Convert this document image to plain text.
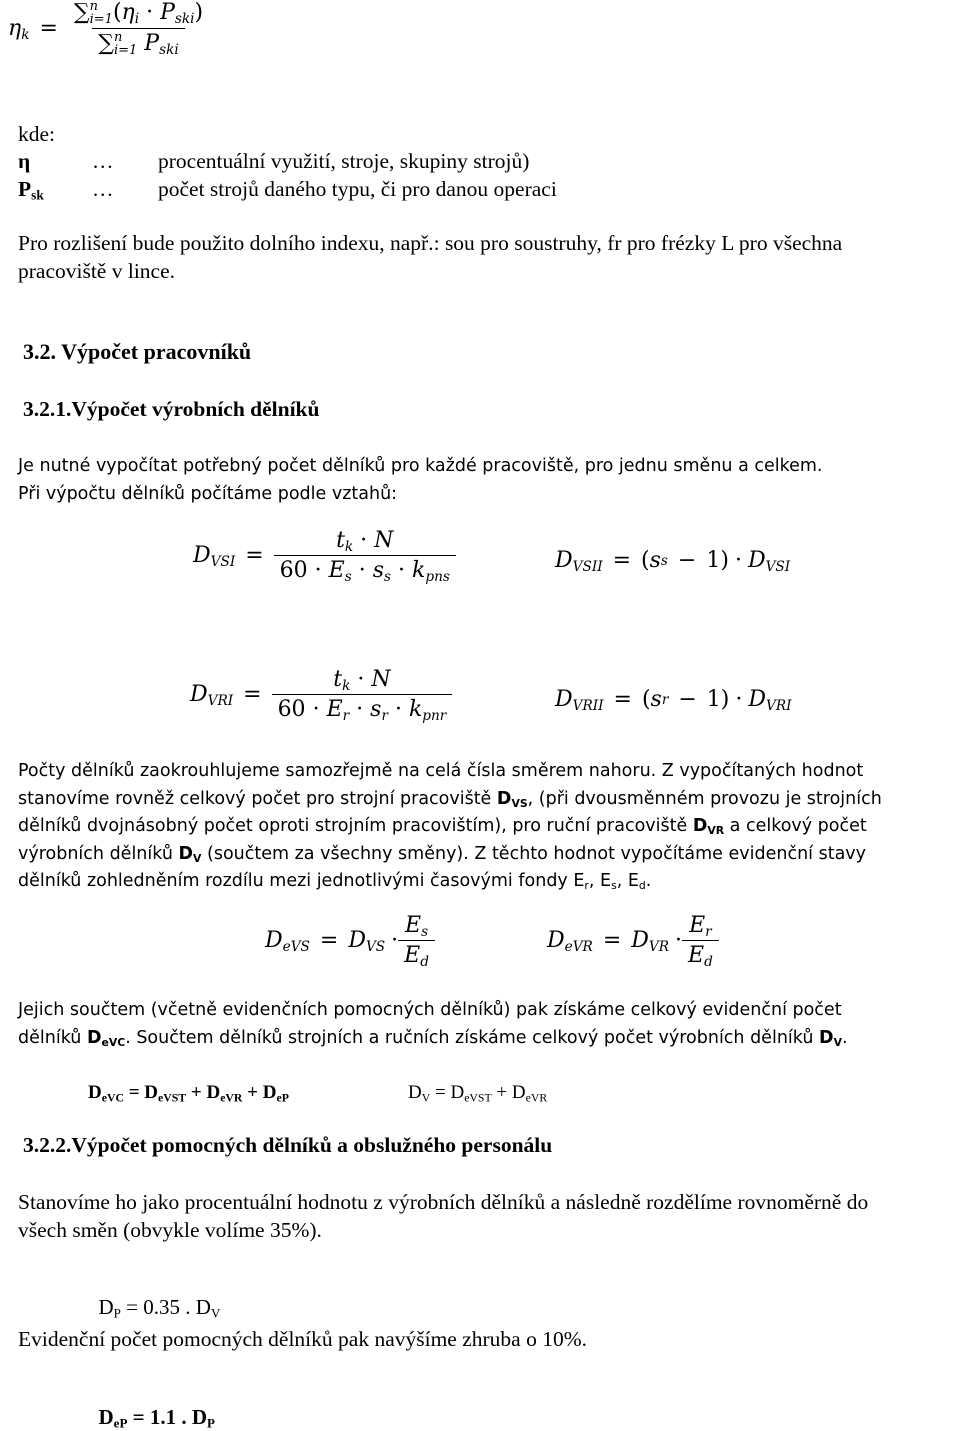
$\eta_k$ = ∑ n
i=1 $(\eta_i \cdot P_{ski})$
∑ n
i=1 $P_{ski}$
kde:
η	…	procentuální využití, stroje, skupiny strojů)
$P_{sk}$	…	počet strojů daného typu, či pro danou operaci
Pro rozlišení bude použito dolního indexu, např.: sou pro soustruhy, fr pro frézky L pro všechna
pracoviště v lince.
3.2. Výpočet pracovníků
3.2.1.Výpočet výrobních dělníků
Je nutné vypočítat potřebný počet dělníků pro každé pracoviště, pro jednu směnu a celkem.
Při výpočtu dělníků počítáme podle vztahů:
$D_{VSI} = \frac{t_k \cdot N}{60 \cdot E_s \cdot s_s \cdot k_{pns}}$	$D_{VSII}$ = ( s s − 1 ) · $D_{VSI}$
$D_{VRI} = \frac{t_k \cdot N}{60 \cdot E_r \cdot s_r \cdot k_{pnr}}$	$D_{VRII}$ = ( s r − 1 ) · $D_{VRI}$
Počty dělníků zaokrouhlujeme samozřejmě na celá čísla směrem nahoru. Z vypočítaných hodnot
stanovíme rovněž celkový počet pro strojní pracoviště $D_{VS}$, (při dvousměnném provozu je strojních
dělníků dvojnásobný počet oproti strojním pracovištím), pro ruční pracoviště $D_{VR}$ a celkový počet
výrobních dělníků $D_V$ (součtem za všechny směny). Z těchto hodnot vypočítáme evidenční stavy
dělníků zohledněním rozdílu mezi jednotlivými časovými fondy $E_r$, $E_s$, $E_d$.
$D_{eVS} = D_{VS} \cdot \frac{E_s}{E_d}$	$D_{eVR} = D_{VR} \cdot \frac{E_r}{E_d}$
Jejich součtem (včetně evidenčních pomocných dělníků) pak získáme celkový evidenční počet
dělníků $D_{eVC}$. Součtem dělníků strojních a ručních získáme celkový počet výrobních dělníků $D_V$.
$D_{eVC} = D_{eVST} + D_{eVR} + D_{eP}$	$D_V = D_{eVST} + D_{eVR}$
3.2.2.Výpočet pomocných dělníků a obslužného personálu
Stanovíme ho jako procentuální hodnotu z výrobních dělníků a následně rozdělíme rovnoměrně do
všech směn (obvykle volíme 35%).

$D_P = 0.35$ . $D_V$

Evidenční počet pomocných dělníků pak navýšíme zhruba o 10%.

$D_{eP} = 1.1$ . $D_P$
